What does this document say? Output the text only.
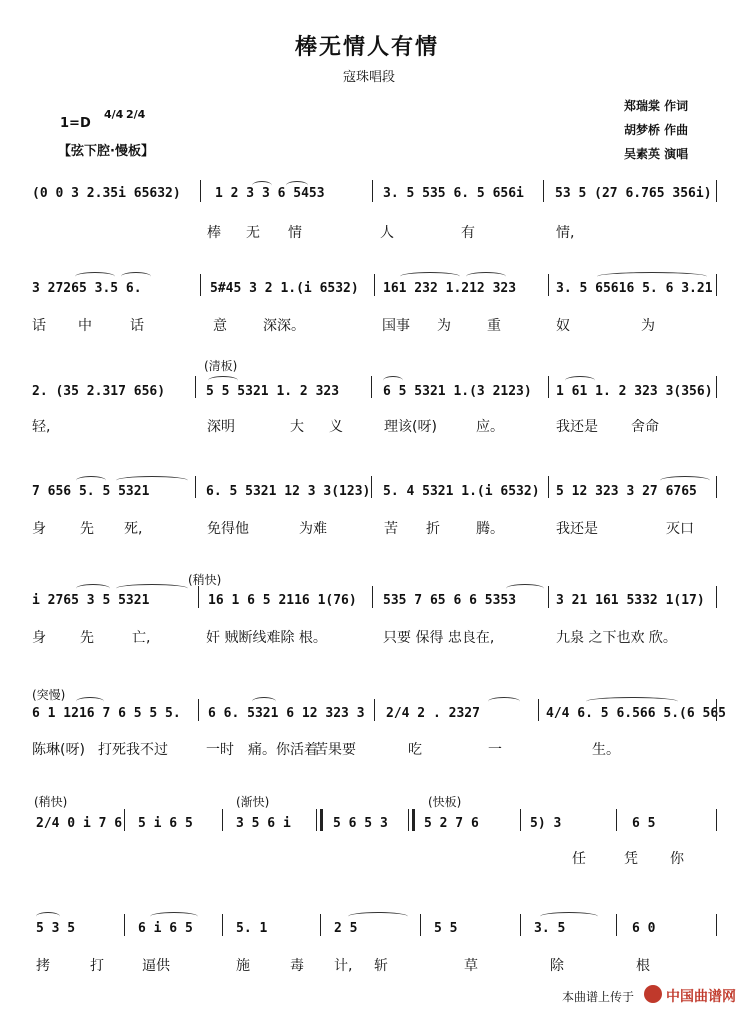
棒无情人有情
寇珠唱段
1=D
4/4 2/4
【弦下腔·慢板】
郑瑞棠 作词
胡梦桥 作曲
吴素英 演唱
(0 0 3 2.35i 65632)	1 2 3 3 6 5453	3. 5 535 6. 5 656i 53 5 (27 6.765 356i)
棒 无 情	人	有	情,
3 27265 3.5 6.	5#45 3 2 1.(i 6532) 161 232 1.212 323	3. 5 65616 5. 6 3.21
话 中	话	意	深深。	国事 为	重	奴	为
(清板)
2. (35 2.317 656)	5 5 5321 1. 2 323	6 5 5321 1.(3 2123) 1 61 1. 2 323 3(356)
轻,	深明	大 义	理该(呀)	应。	我还是 舍命
7 656 5. 5 5321	6. 5 5321 12 3 3(123) 5. 4 5321 1.(i 6532) 5 12 323 3 27 6765
身 先 死,	免得他	为难	苦 折	腾。	我还是	灭口
(稍快)
i 2765 3 5 5321	16 1 6 5 2116 1(76) 535 7 65 6 6 5353	3 21 161 5332 1(17)
身 先	亡,	奸 贼断线难除 根。	只要 保得 忠良在,	九泉 之下也欢 欣。
(突慢)
6 1 1216 7 6 5 5 5. 6 6. 5321 6 12 323 3 2/4 2 . 2327	4/4 6. 5 6.566 5.(6 565
陈琳(呀) 打死我不过	一时 痛。你活着
苦果要	吃	一	生。
(稍快)	(渐快)	(快板)
2/4 0 i 7 6 5 i 6 5	3 5 6 i	5 6 5 3	5 2 7 6	5) 3	6 5
任	凭 你
5 3 5	6 i 6 5	5. 1	2 5	5 5	3. 5	6 0
拷	打	逼供	施	毒 计, 斩	草	除	根
本曲谱上传于 中国曲谱网
